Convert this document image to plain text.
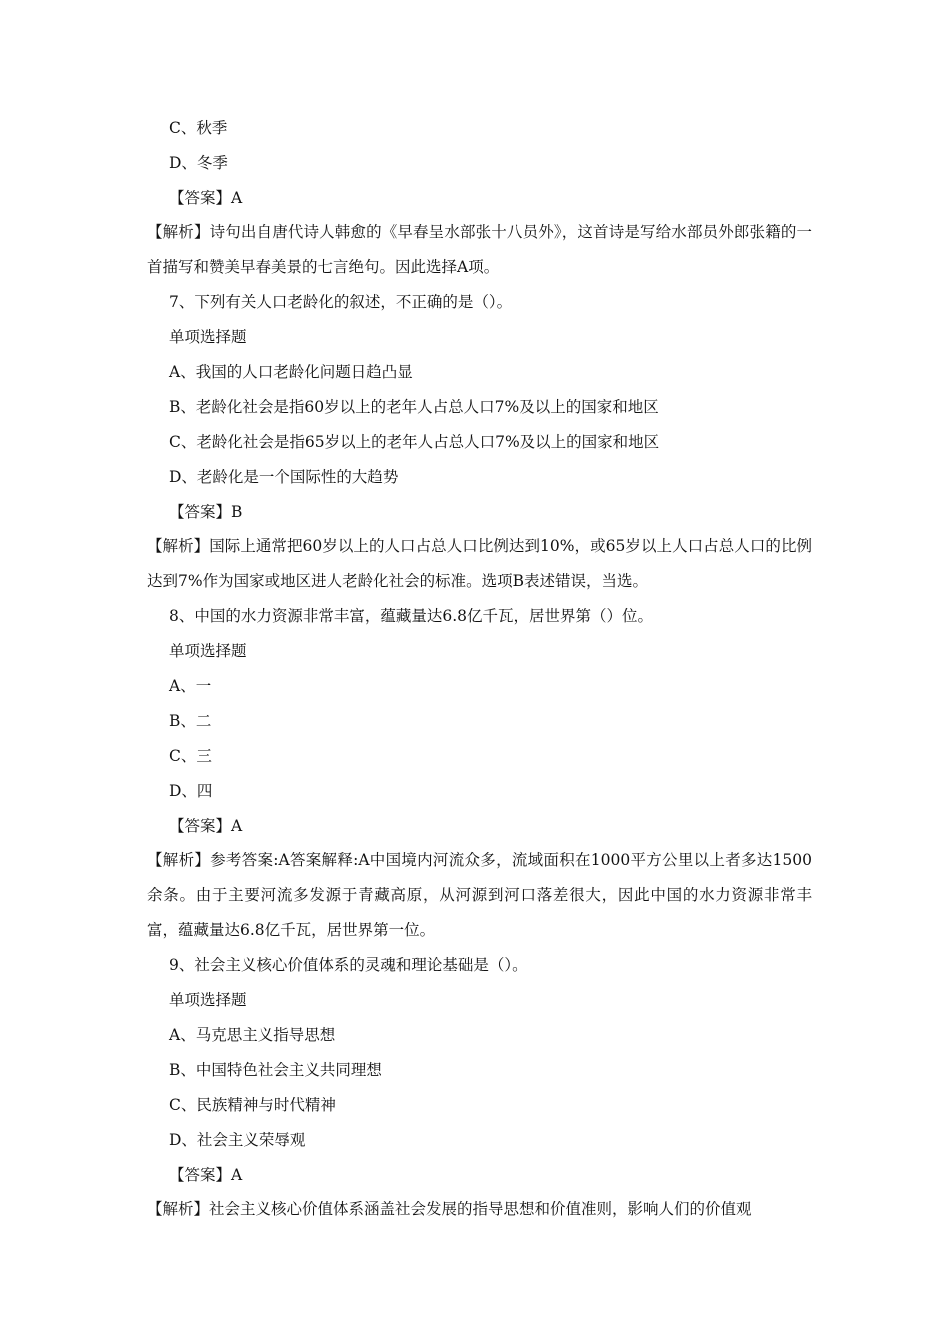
C、秋季
D、冬季
【答案】A
【解析】诗句出自唐代诗人韩愈的《早春呈水部张十八员外》，这首诗是写给水部员外郎张籍的一首描写和赞美早春美景的七言绝句。因此选择A项。
7、下列有关人口老龄化的叙述，不正确的是（）。
单项选择题
A、我国的人口老龄化问题日趋凸显
B、老龄化社会是指60岁以上的老年人占总人口7%及以上的国家和地区
C、老龄化社会是指65岁以上的老年人占总人口7%及以上的国家和地区
D、老龄化是一个国际性的大趋势
【答案】B
【解析】国际上通常把60岁以上的人口占总人口比例达到10%，或65岁以上人口占总人口的比例达到7%作为国家或地区进人老龄化社会的标准。选项B表述错误，当选。
8、中国的水力资源非常丰富，蕴藏量达6.8亿千瓦，居世界第（）位。
单项选择题
A、一
B、二
C、三
D、四
【答案】A
【解析】参考答案:A答案解释:A中国境内河流众多，流域面积在1000平方公里以上者多达1500余条。由于主要河流多发源于青藏高原，从河源到河口落差很大，因此中国的水力资源非常丰富，蕴藏量达6.8亿千瓦，居世界第一位。
9、社会主义核心价值体系的灵魂和理论基础是（）。
单项选择题
A、马克思主义指导思想
B、中国特色社会主义共同理想
C、民族精神与时代精神
D、社会主义荣辱观
【答案】A
【解析】社会主义核心价值体系涵盖社会发展的指导思想和价值准则，影响人们的价值观
